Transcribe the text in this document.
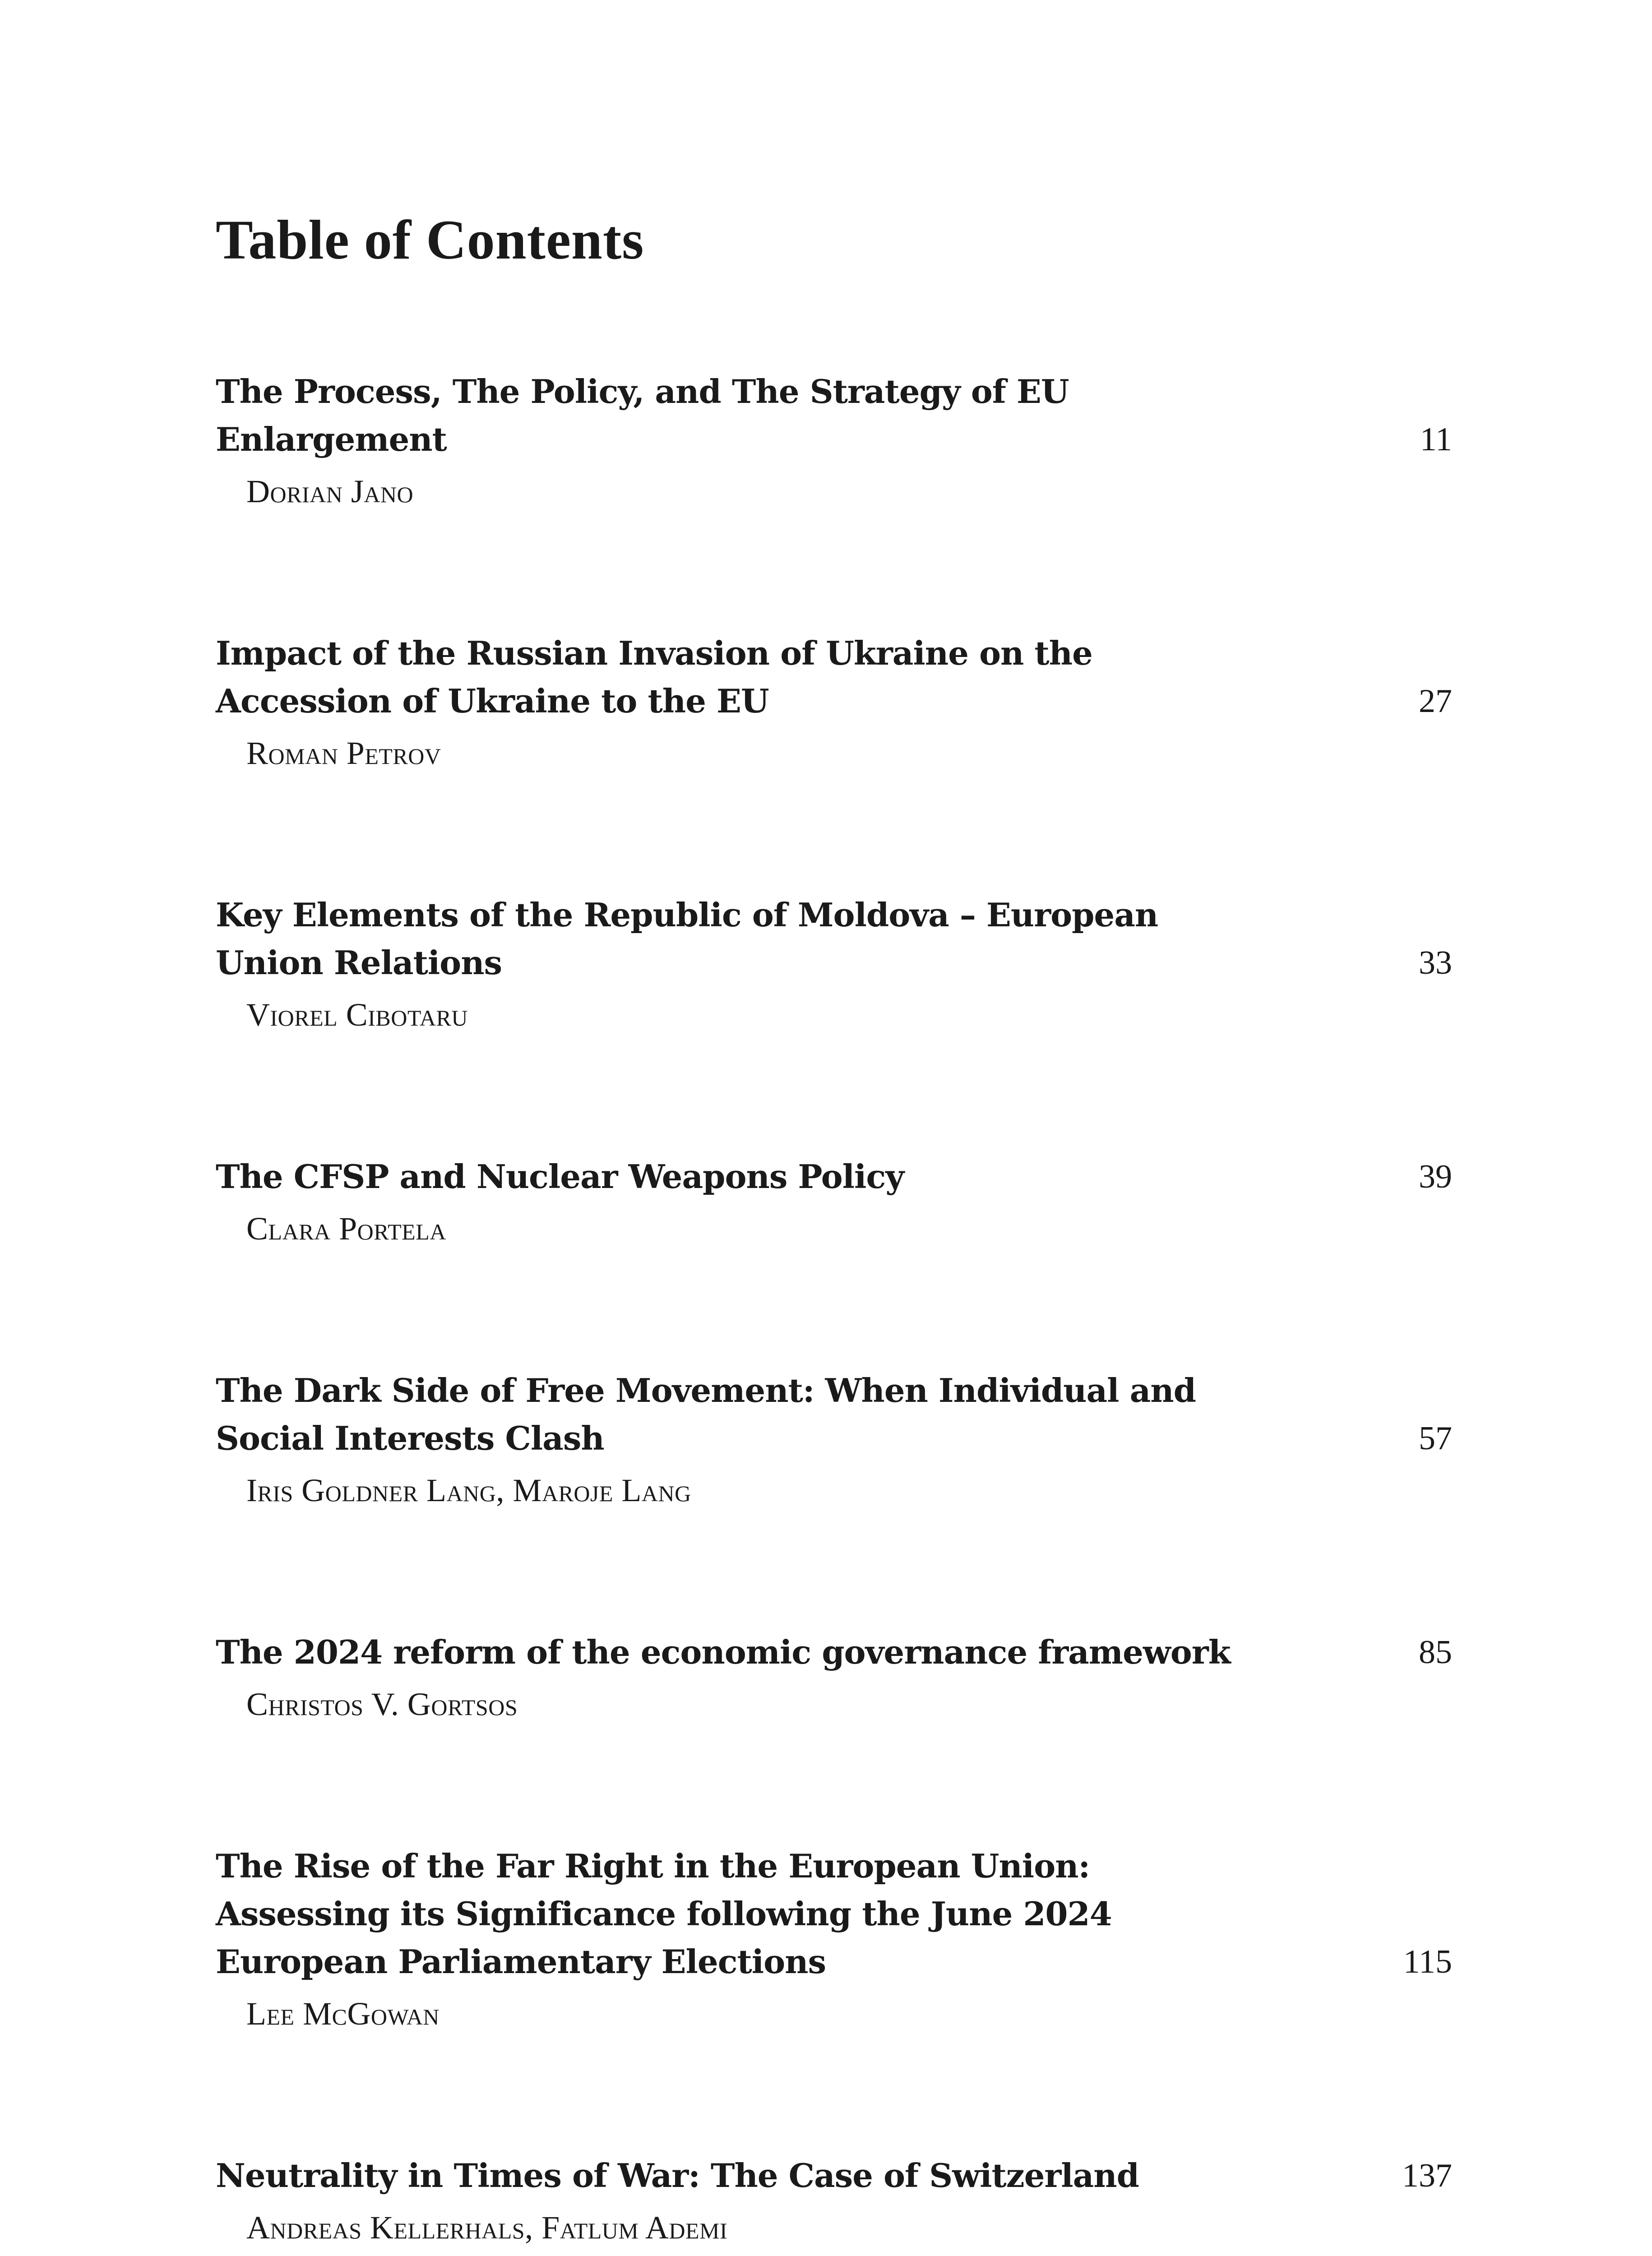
Table of Contents
The Process, The Policy, and The Strategy of EU Enlargement	11
Dorian Jano
Impact of the Russian Invasion of Ukraine on the Accession of Ukraine to the EU	27
Roman Petrov
Key Elements of the Republic of Moldova – European Union Relations	33
Viorel Cibotaru
The CFSP and Nuclear Weapons Policy	39
Clara Portela
The Dark Side of Free Movement: When Individual and Social Interests Clash	57
Iris Goldner Lang, Maroje Lang
The 2024 reform of the economic governance framework	85
Christos V. Gortsos
The Rise of the Far Right in the European Union: Assessing its Significance following the June 2024 European Parliamentary Elections	115
Lee McGowan
Neutrality in Times of War: The Case of Switzerland	137
Andreas Kellerhals, Fatlum Ademi
